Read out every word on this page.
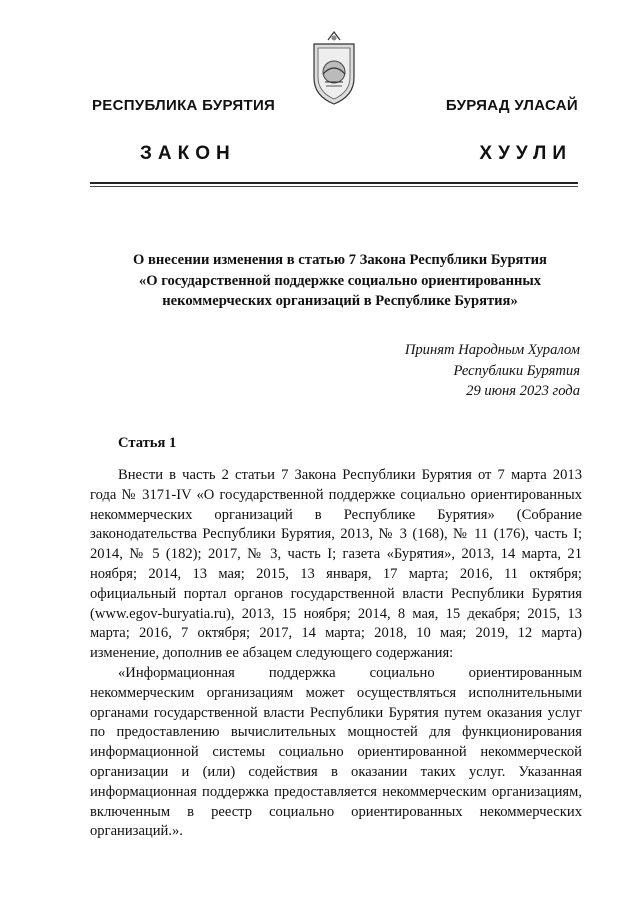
РЕСПУБЛИКА БУРЯТИЯ	БУРЯАД УЛАСАЙ
ЗАКОН	ХУУЛИ
О внесении изменения в статью 7 Закона Республики Бурятия
«О государственной поддержке социально ориентированных
некоммерческих организаций в Республике Бурятия»
Принят Народным Хуралом
Республики Бурятия
29 июня 2023 года
Статья 1

Внести в часть 2 статьи 7 Закона Республики Бурятия от 7 марта 2013 года № 3171-IV «О государственной поддержке социально ориентированных некоммерческих организаций в Республике Бурятия» (Собрание законодательства Республики Бурятия, 2013, № 3 (168), № 11 (176), часть I; 2014, № 5 (182); 2017, № 3, часть I; газета «Бурятия», 2013, 14 марта, 21 ноября; 2014, 13 мая; 2015, 13 января, 17 марта; 2016, 11 октября; официальный портал органов государственной власти Республики Бурятия (www.egov-buryatia.ru), 2013, 15 ноября; 2014, 8 мая, 15 декабря; 2015, 13 марта; 2016, 7 октября; 2017, 14 марта; 2018, 10 мая; 2019, 12 марта) изменение, дополнив ее абзацем следующего содержания:

«Информационная поддержка социально ориентированным некоммерческим организациям может осуществляться исполнительными органами государственной власти Республики Бурятия путем оказания услуг по предоставлению вычислительных мощностей для функционирования информационной системы социально ориентированной некоммерческой организации и (или) содействия в оказании таких услуг. Указанная информационная поддержка предоставляется некоммерческим организациям, включенным в реестр социально ориентированных некоммерческих организаций.».
